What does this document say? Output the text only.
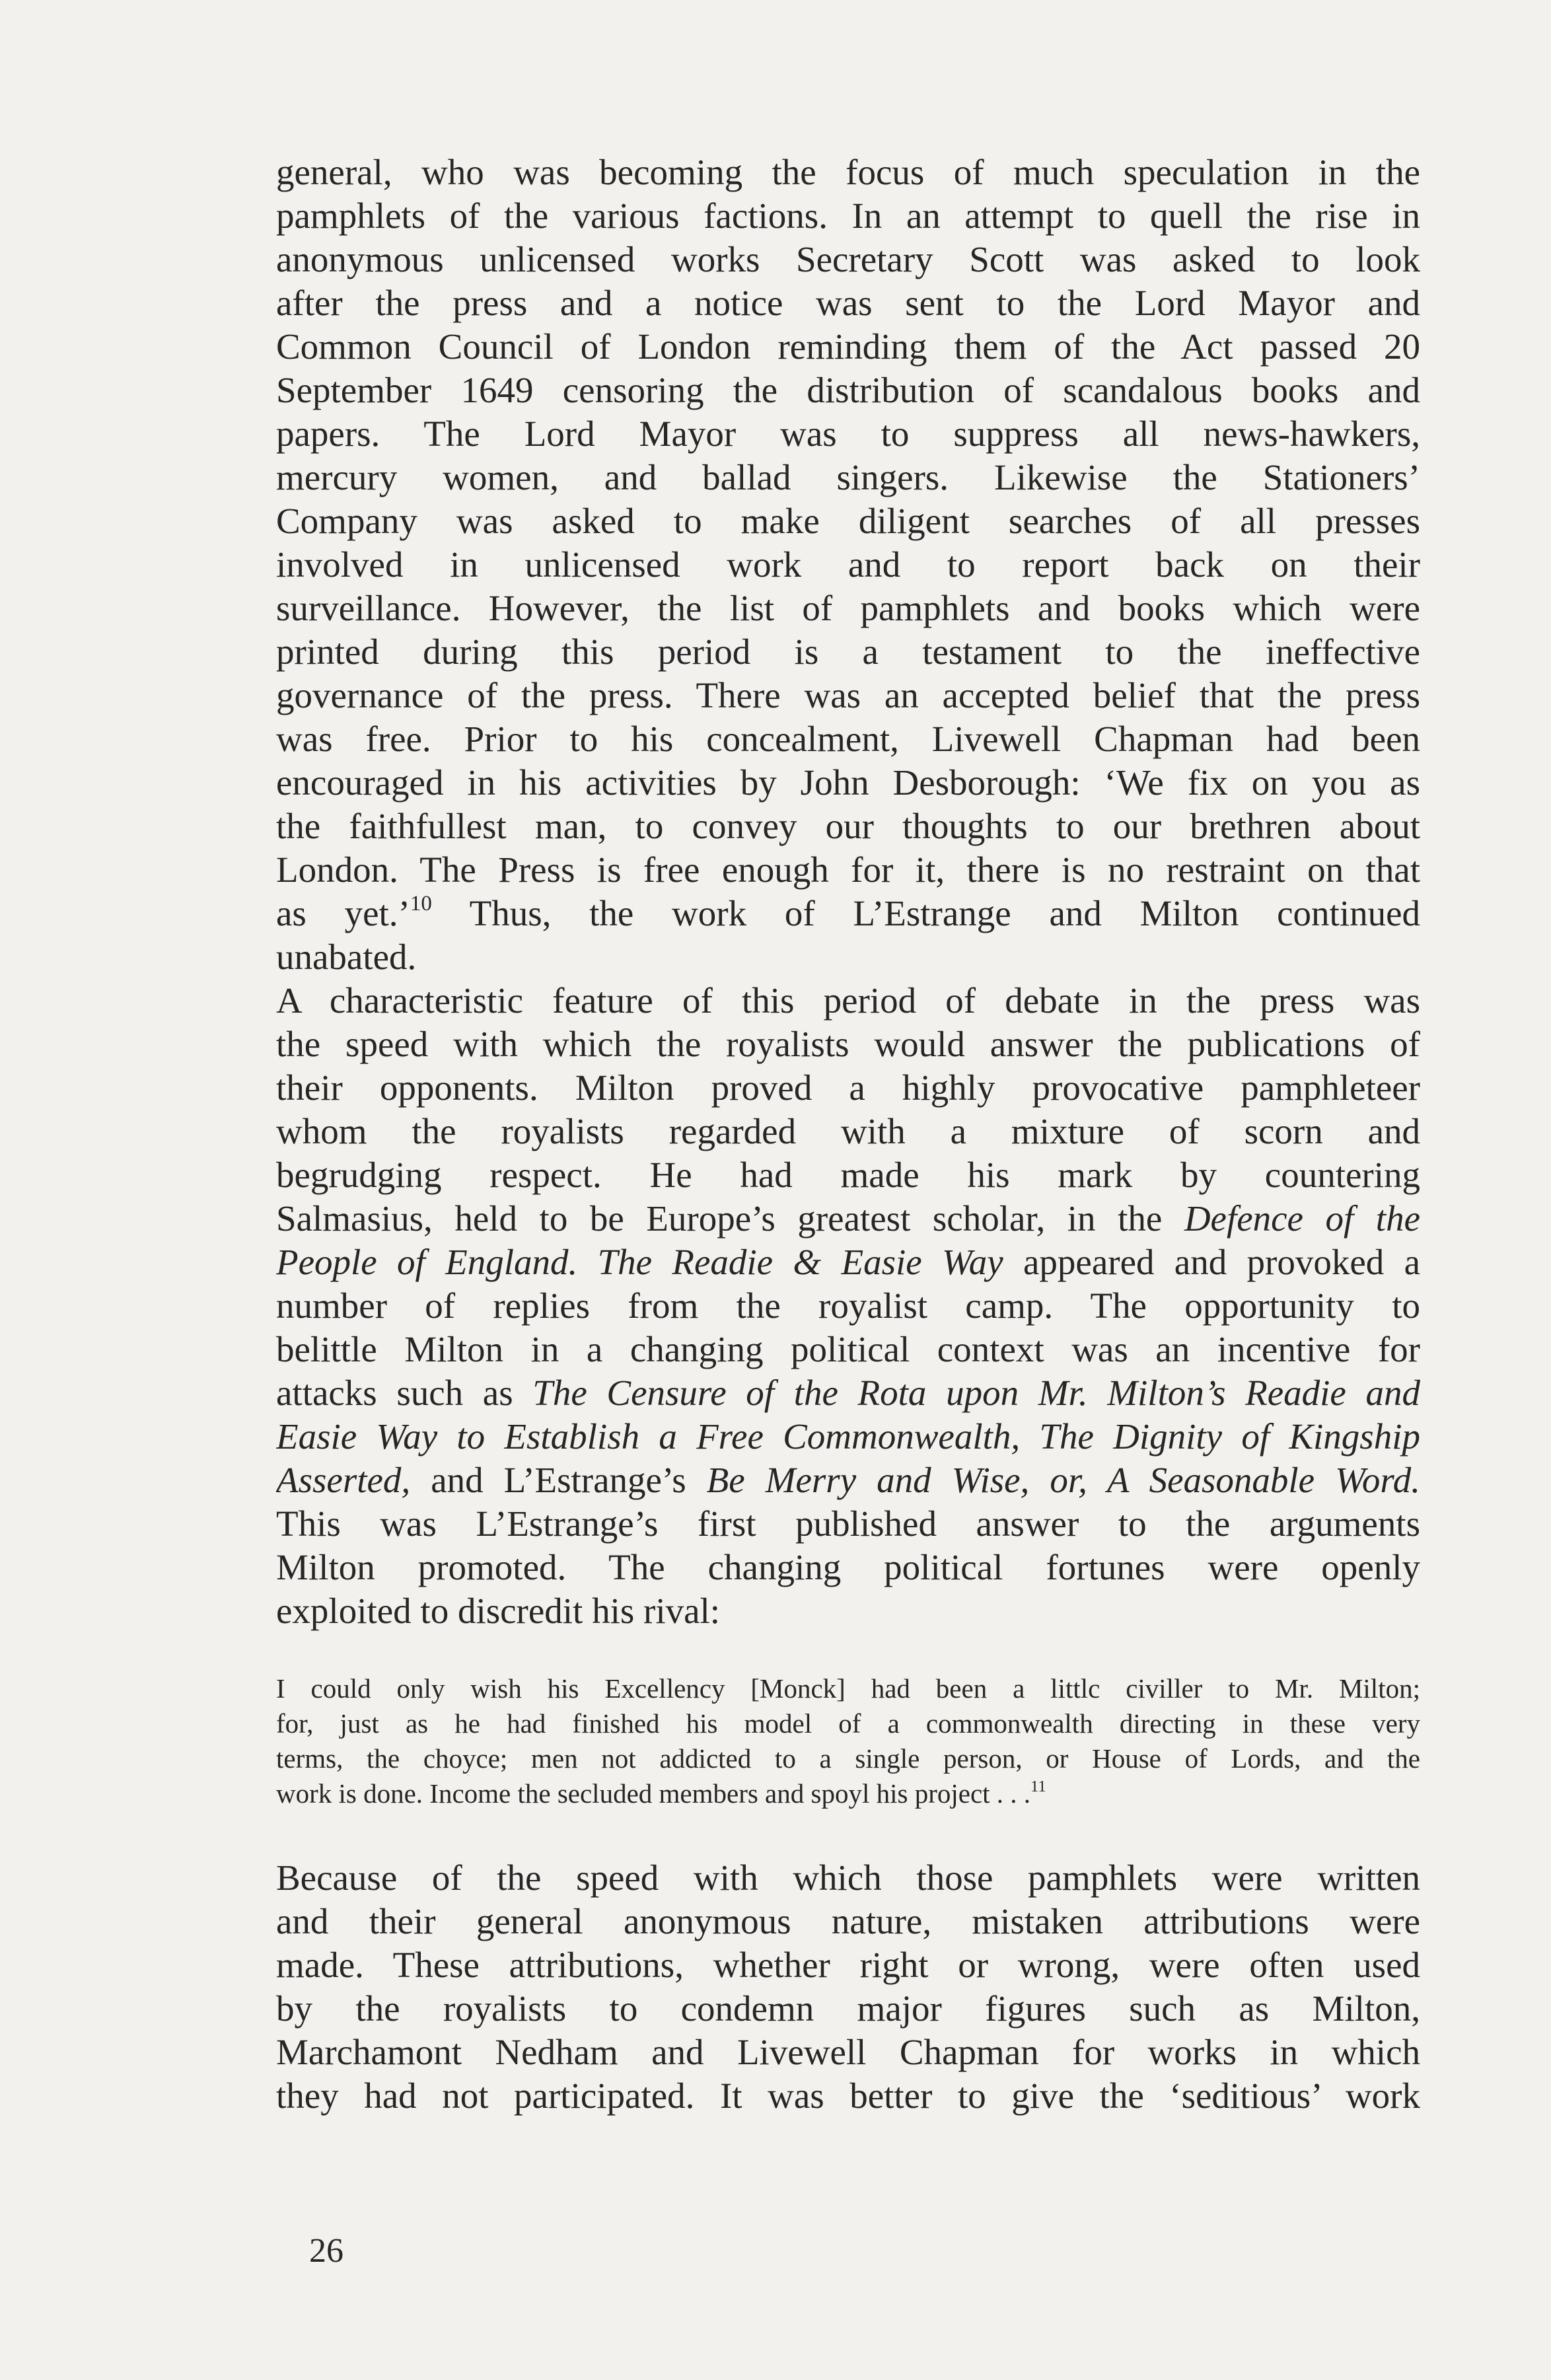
general, who was becoming the focus of much speculation in the
pamphlets of the various factions. In an attempt to quell the rise in
anonymous unlicensed works Secretary Scott was asked to look
after the press and a notice was sent to the Lord Mayor and
Common Council of London reminding them of the Act passed 20
September 1649 censoring the distribution of scandalous books and
papers. The Lord Mayor was to suppress all news-hawkers,
mercury women, and ballad singers. Likewise the Stationers’
Company was asked to make diligent searches of all presses
involved in unlicensed work and to report back on their
surveillance. However, the list of pamphlets and books which were
printed during this period is a testament to the ineffective
governance of the press. There was an accepted belief that the press
was free. Prior to his concealment, Livewell Chapman had been
encouraged in his activities by John Desborough: ‘We fix on you as
the faithfullest man, to convey our thoughts to our brethren about
London. The Press is free enough for it, there is no restraint on that
as yet.’$^{10}$ Thus, the work of L’Estrange and Milton continued
unabated.

A characteristic feature of this period of debate in the press was
the speed with which the royalists would answer the publications of
their opponents. Milton proved a highly provocative pamphleteer
whom the royalists regarded with a mixture of scorn and
begrudging respect. He had made his mark by countering
Salmasius, held to be Europe’s greatest scholar, in the Defence of the
People of England. The Readie & Easie Way appeared and provoked a
number of replies from the royalist camp. The opportunity to
belittle Milton in a changing political context was an incentive for
attacks such as The Censure of the Rota upon Mr. Milton’s Readie and
Easie Way to Establish a Free Commonwealth, The Dignity of Kingship
Asserted, and L’Estrange’s Be Merry and Wise, or, A Seasonable Word.
This was L’Estrange’s first published answer to the arguments
Milton promoted. The changing political fortunes were openly
exploited to discredit his rival:

I could only wish his Excellency [Monck] had been a littlc civiller to Mr. Milton;
for, just as he had finished his model of a commonwealth directing in these very
terms, the choyce; men not addicted to a single person, or House of Lords, and the
work is done. Income the secluded members and spoyl his project . . .$^{11}$

Because of the speed with which those pamphlets were written
and their general anonymous nature, mistaken attributions were
made. These attributions, whether right or wrong, were often used
by the royalists to condemn major figures such as Milton,
Marchamont Nedham and Livewell Chapman for works in which
they had not participated. It was better to give the ‘seditious’ work

26
